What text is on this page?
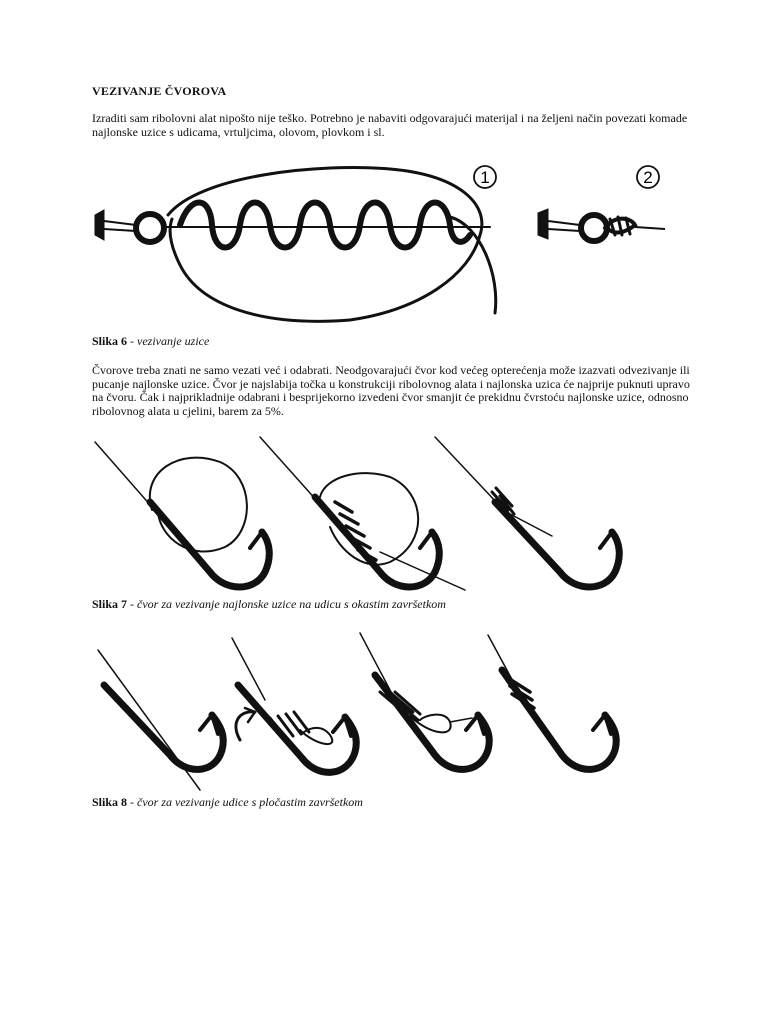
VEZIVANJE ČVOROVA
Izraditi sam ribolovni alat nipošto nije teško. Potrebno je nabaviti odgovarajući materijal i na željeni način povezati komade najlonske uzice s udicama, vrtuljcima, olovom, plovkom i sl.
1	2
Slika 6 - vezivanje uzice
Čvorove treba znati ne samo vezati već i odabrati. Neodgovarajući čvor kod većeg opterećenja može izazvati odvezivanje ili pucanje najlonske uzice. Čvor je najslabija točka u konstrukciji ribolovnog alata i najlonska uzica će najprije puknuti upravo na čvoru. Čak i najprikladnije odabrani i besprijekorno izvedeni čvor smanjit će prekidnu čvrstoću najlonske uzice, odnosno ribolovnog alata u cjelini, barem za 5%.
Slika 7 - čvor za vezivanje najlonske uzice na udicu s okastim završetkom
Slika 8 - čvor za vezivanje udice s pločastim završetkom
